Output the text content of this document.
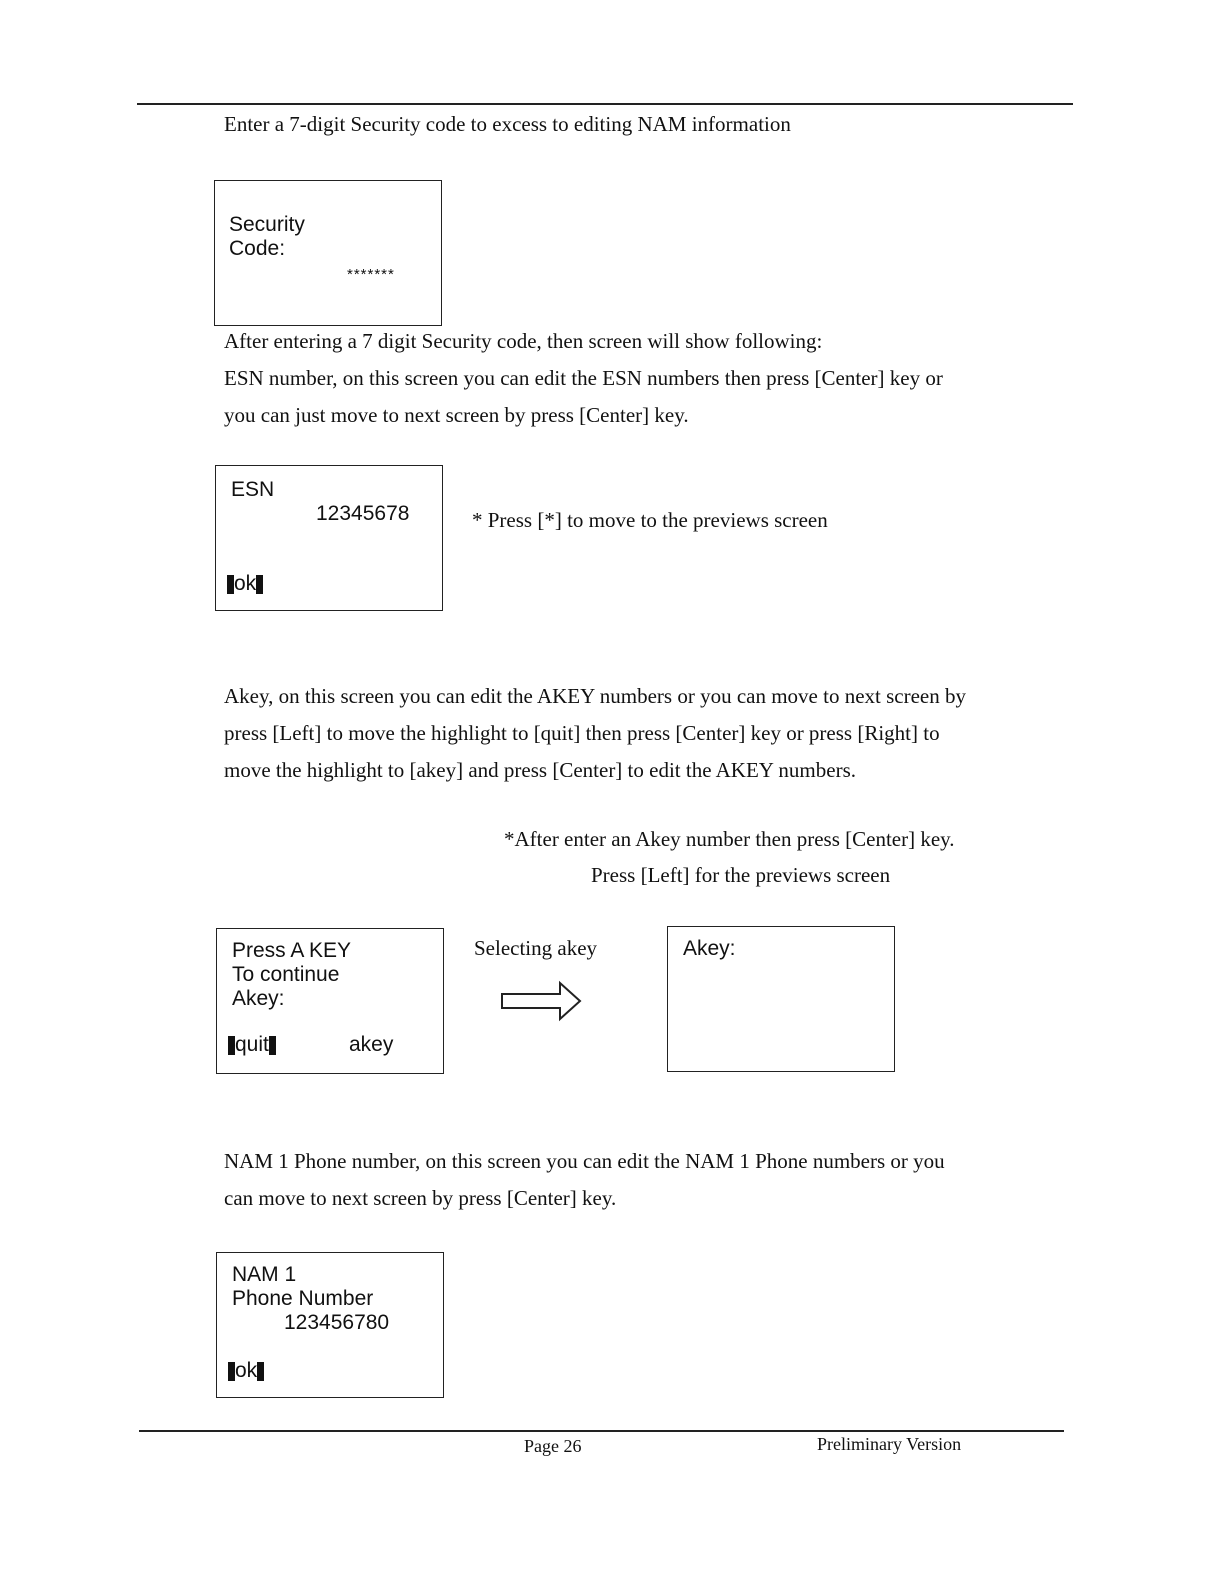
Enter a 7-digit Security code to excess to editing NAM information

Security
Code:
*******

After entering a 7 digit Security code, then screen will show following:
ESN number, on this screen you can edit the ESN numbers then press [Center] key or
you can just move to next screen by press [Center] key.

ESN
12345678
ok
* Press [*] to move to the previews screen

Akey, on this screen you can edit the AKEY numbers or you can move to next screen by
press [Left] to move the highlight to [quit] then press [Center] key or press [Right] to
move the highlight to [akey] and press [Center] to edit the AKEY numbers.

*After enter an Akey number then press [Center] key.
Press [Left] for the previews screen
Press A KEY
To continue
Akey:
quit	akey
Selecting akey	Akey:

NAM 1 Phone number, on this screen you can edit the NAM 1 Phone numbers or you
can move to next screen by press [Center] key.

NAM 1
Phone Number
123456780
ok
Page 26	Preliminary Version
